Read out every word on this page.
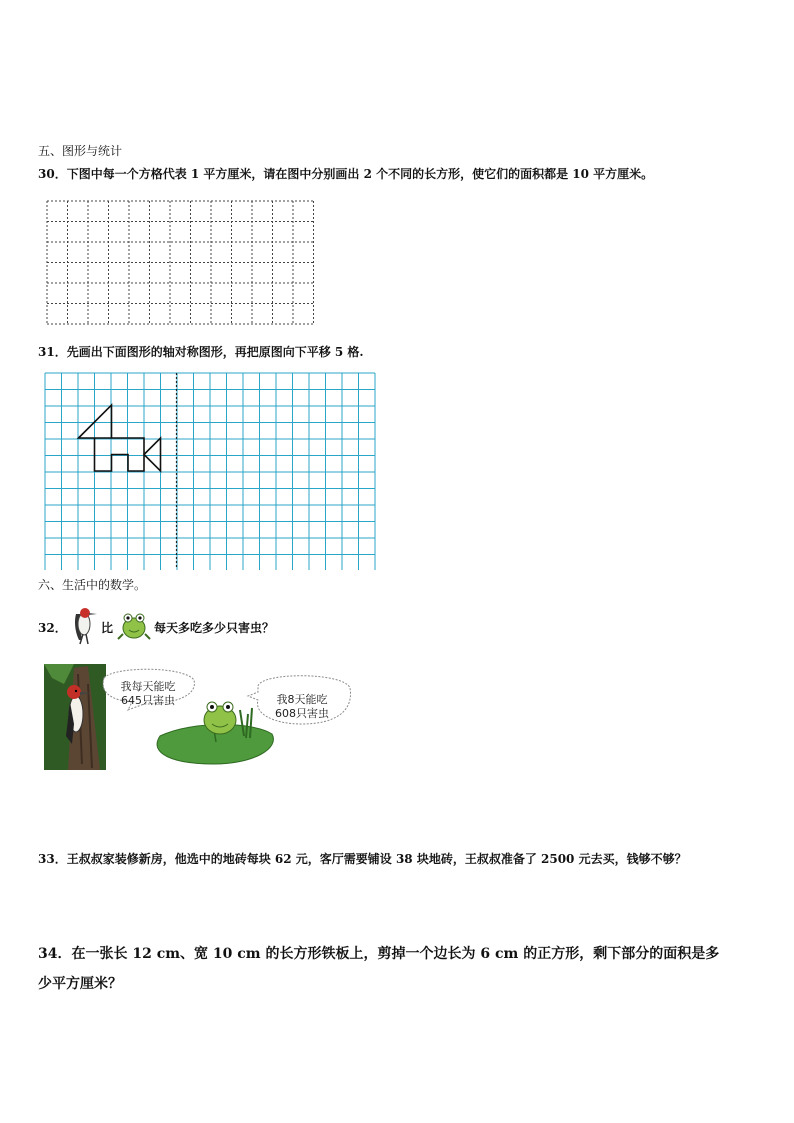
五、图形与统计
30．下图中每一个方格代表 1 平方厘米，请在图中分别画出 2 个不同的长方形，使它们的面积都是 10 平方厘米。
31．先画出下面图形的轴对称图形，再把原图向下平移 5 格.
六、生活中的数学。
32．	比	每天多吃多少只害虫？
我每天能吃
645只害虫	我8天能吃
608只害虫
33．王叔叔家装修新房，他选中的地砖每块 62 元，客厅需要铺设 38 块地砖，王叔叔准备了 2500 元去买，钱够不够？
34．在一张长 12 cm、宽 10 cm 的长方形铁板上，剪掉一个边长为 6 cm 的正方形，剩下部分的面积是多
少平方厘米？
